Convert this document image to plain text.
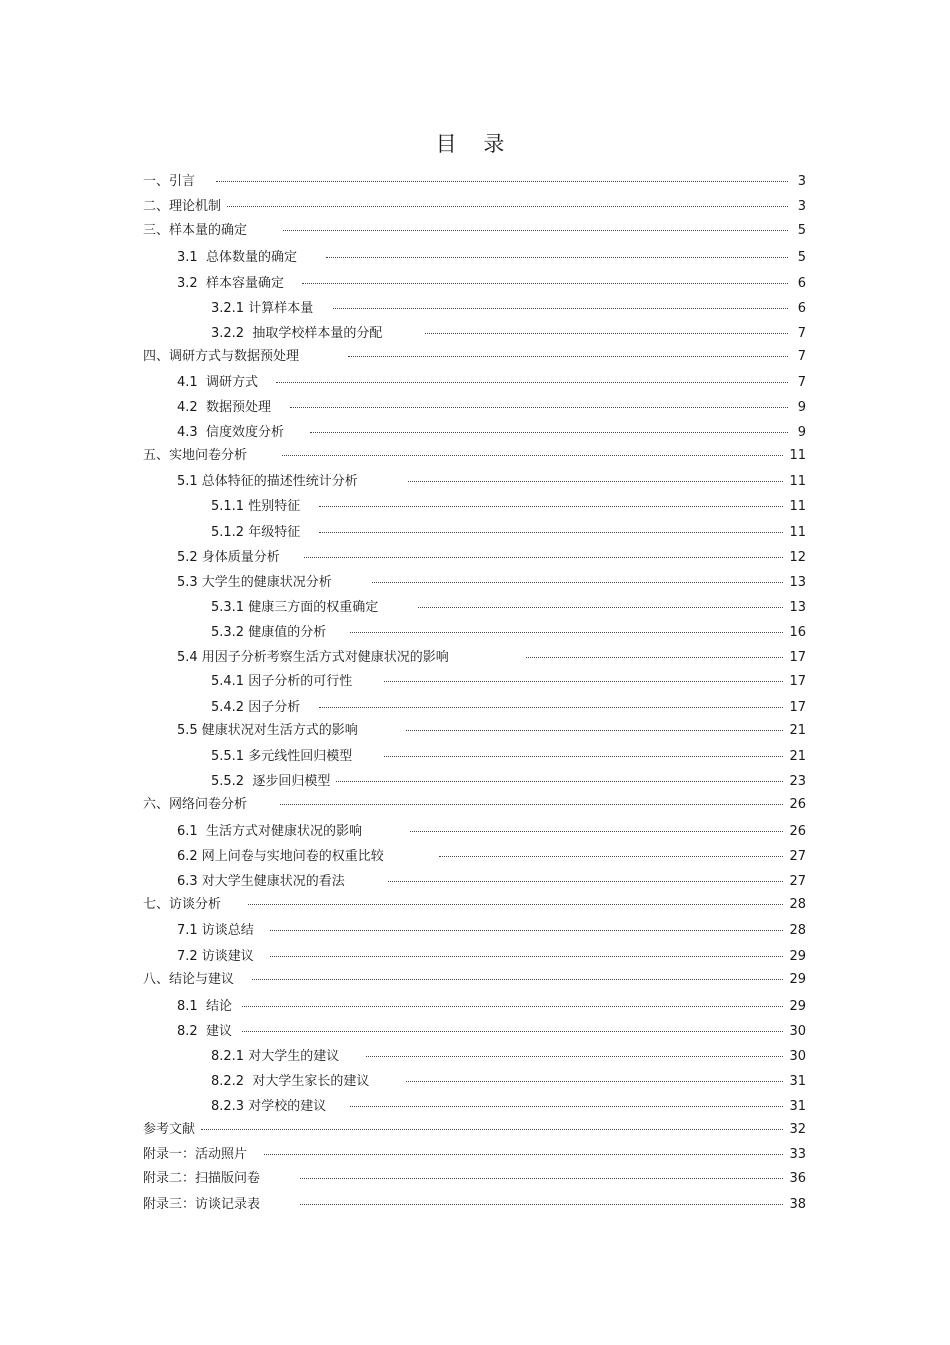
目 录
一、引言	3
二、理论机制	3
三、样本量的确定	5
3.1  总体数量的确定	5
3.2  样本容量确定	6
3.2.1 计算样本量	6
3.2.2  抽取学校样本量的分配	7
四、调研方式与数据预处理	7
4.1  调研方式	7
4.2  数据预处理	9
4.3  信度效度分析	9
五、实地问卷分析	11
5.1 总体特征的描述性统计分析	11
5.1.1 性别特征	11
5.1.2 年级特征	11
5.2 身体质量分析	12
5.3 大学生的健康状况分析	13
5.3.1 健康三方面的权重确定	13
5.3.2 健康值的分析	16
5.4 用因子分析考察生活方式对健康状况的影响	17
5.4.1 因子分析的可行性	17
5.4.2 因子分析	17
5.5 健康状况对生活方式的影响	21
5.5.1 多元线性回归模型	21
5.5.2  逐步回归模型	23
六、网络问卷分析	26
6.1  生活方式对健康状况的影响	26
6.2 网上问卷与实地问卷的权重比较	27
6.3 对大学生健康状况的看法	27
七、访谈分析	28
7.1 访谈总结	28
7.2 访谈建议	29
八、结论与建议	29
8.1  结论	29
8.2  建议	30
8.2.1 对大学生的建议	30
8.2.2  对大学生家长的建议	31
8.2.3 对学校的建议	31
参考文献	32
附录一：活动照片	33
附录二：扫描版问卷	36
附录三：访谈记录表	38
